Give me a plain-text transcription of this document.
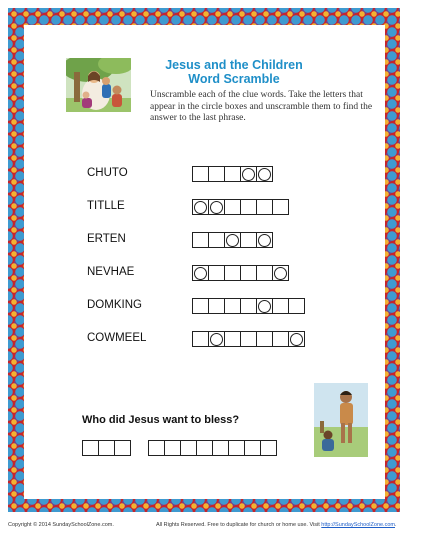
Jesus and the Children
Word Scramble

Unscramble each of the clue words. Take the letters that appear in the circle boxes and unscramble them to find the answer to the last phrase.

CHUTO
TITLLE
ERTEN
NEVHAE
DOMKING
COWMEEL
Who did Jesus want to bless?
Copyright © 2014 SundaySchoolZone.com.	All Rights Reserved. Free to duplicate for church or home use. Visit http://SundaySchoolZone.com.
